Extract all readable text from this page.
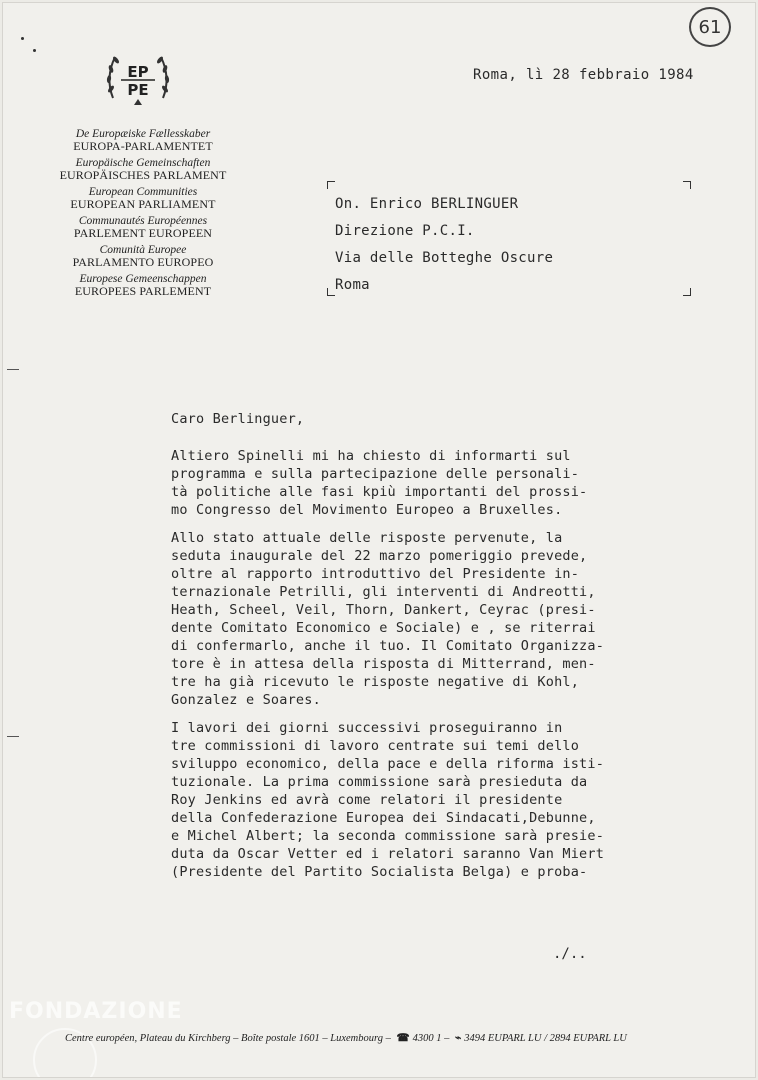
61
EP
PE
De Europæiske Fællesskaber
EUROPA-PARLAMENTET
Europäische Gemeinschaften
EUROPÄISCHES PARLAMENT
European Communities
EUROPEAN PARLIAMENT
Communautés Européennes
PARLEMENT EUROPEEN
Comunità Europee
PARLAMENTO EUROPEO
Europese Gemeenschappen
EUROPEES PARLEMENT
Roma, lì 28 febbraio 1984
On. Enrico BERLINGUER
Direzione P.C.I.
Via delle Botteghe Oscure
Roma
Caro Berlinguer,

Altiero Spinelli mi ha chiesto di informarti sul
programma e sulla partecipazione delle personali-
tà politiche alle fasi kpiù importanti del prossi-
mo Congresso del Movimento Europeo a Bruxelles.

Allo stato attuale delle risposte pervenute, la
seduta inaugurale del 22 marzo pomeriggio prevede,
oltre al rapporto introduttivo del Presidente in-
ternazionale Petrilli, gli interventi di Andreotti,
Heath, Scheel, Veil, Thorn, Dankert, Ceyrac (presi-
dente Comitato Economico e Sociale) e , se riterrai
di confermarlo, anche il tuo. Il Comitato Organizza-
tore è in attesa della risposta di Mitterrand, men-
tre ha già ricevuto le risposte negative di Kohl,
Gonzalez e Soares.

I lavori dei giorni successivi proseguiranno in
tre commissioni di lavoro centrate sui temi dello
sviluppo economico, della pace e della riforma isti-
tuzionale. La prima commissione sarà presieduta da
Roy Jenkins ed avrà come relatori il presidente
della Confederazione Europea dei Sindacati,Debunne,
e Michel Albert; la seconda commissione sarà presie-
duta da Oscar Vetter ed i relatori saranno Van Miert
(Presidente del Partito Socialista Belga) e proba-

./..
FONDAZIONE
Centre européen, Plateau du Kirchberg – Boîte postale 1601 – Luxembourg – ☎ 4300 1 – ⌁ 3494 EUPARL LU / 2894 EUPARL LU
